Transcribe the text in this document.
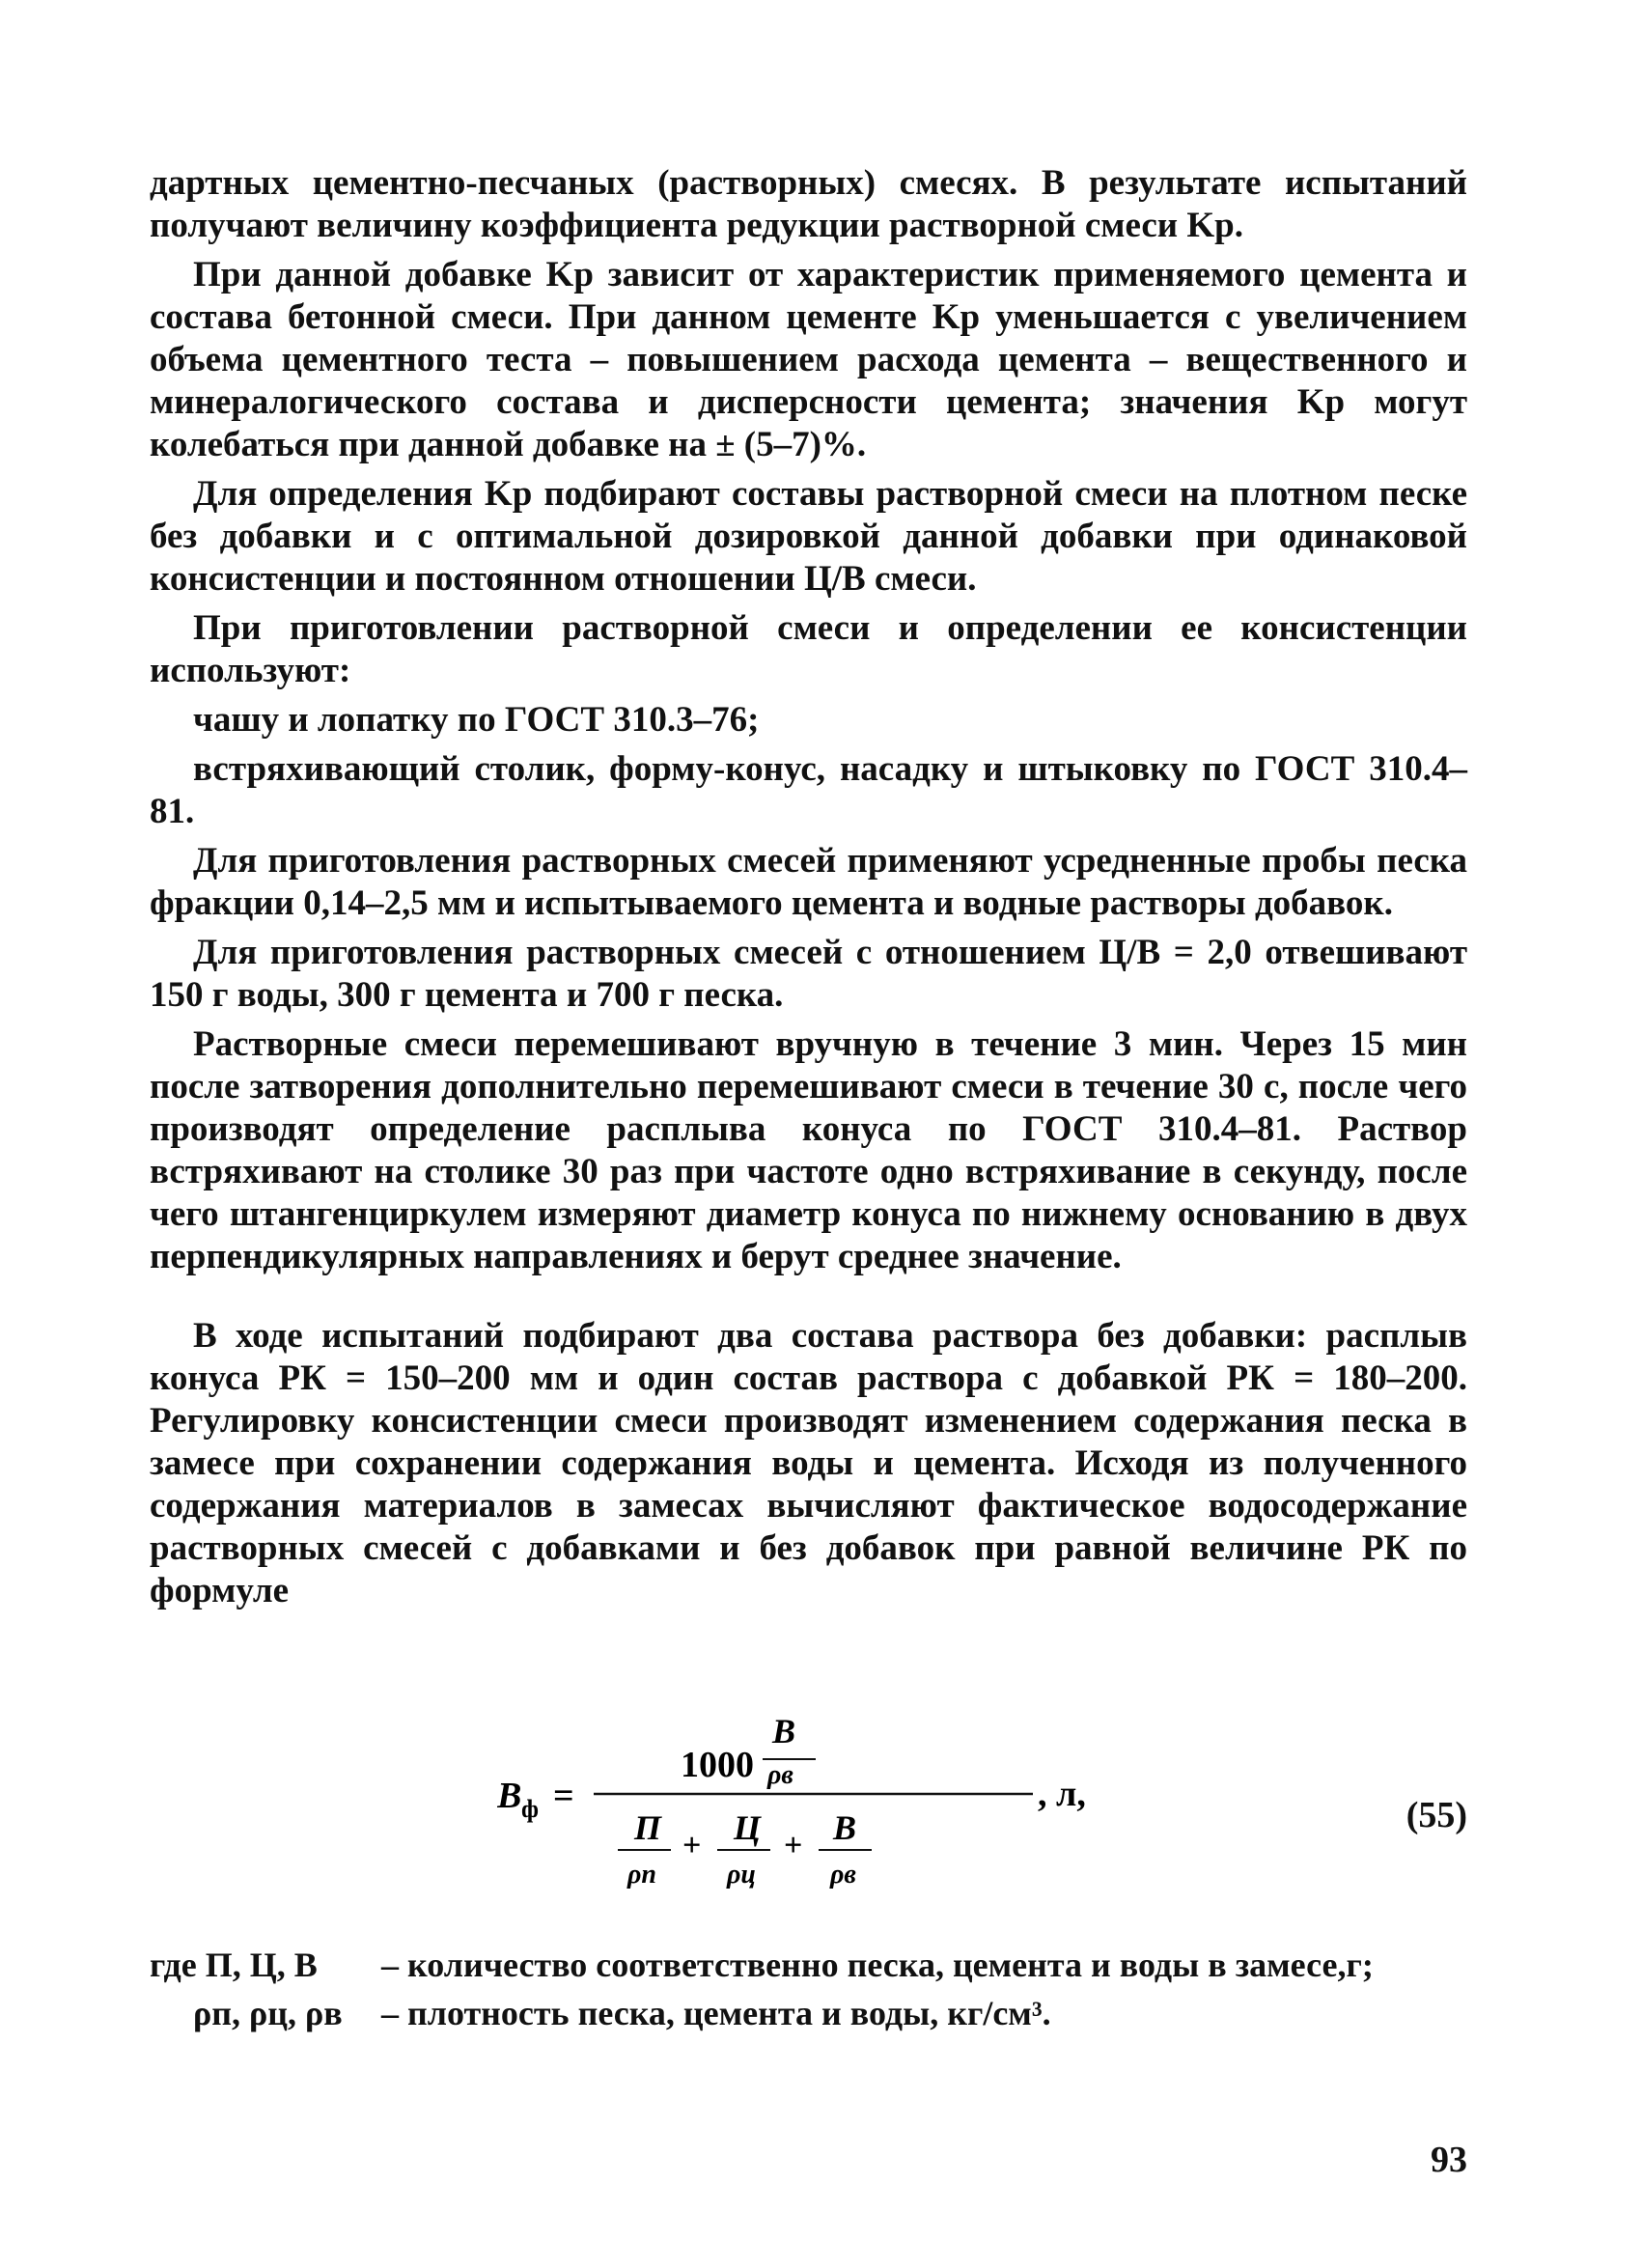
дартных цементно-песчаных (растворных) смесях. В результате испытаний получают величину коэффициента редукции растворной смеси Kр.

При данной добавке Kр зависит от характеристик применяемого цемента и состава бетонной смеси. При данном цементе Kр уменьшается с увеличением объема цементного теста – повышением расхода цемента – вещественного и минералогического состава и дисперсности цемента; значения Kр могут колебаться при данной добавке на ± (5–7)%.

Для определения Kр подбирают составы растворной смеси на плотном песке без добавки и с оптимальной дозировкой данной добавки при одинаковой консистенции и постоянном отношении Ц/В смеси.

При приготовлении растворной смеси и определении ее консистенции используют:

чашу и лопатку по ГОСТ 310.3–76;

встряхивающий столик, форму-конус, насадку и штыковку по ГОСТ 310.4–81.

Для приготовления растворных смесей применяют усредненные пробы песка фракции 0,14–2,5 мм и испытываемого цемента и водные растворы добавок.

Для приготовления растворных смесей с отношением Ц/В = 2,0 отвешивают 150 г воды, 300 г цемента и 700 г песка.

Растворные смеси перемешивают вручную в течение 3 мин. Через 15 мин после затворения дополнительно перемешивают смеси в течение 30 с, после чего производят определение расплыва конуса по ГОСТ 310.4–81. Раствор встряхивают на столике 30 раз при частоте одно встряхивание в секунду, после чего штангенциркулем измеряют диаметр конуса по нижнему основанию в двух перпендикулярных направлениях и берут среднее значение.

В ходе испытаний подбирают два состава раствора без добавки: расплыв конуса РК = 150–200 мм и один состав раствора с добавкой РК = 180–200. Регулировку консистенции смеси производят изменением содержания песка в замесе при сохранении содержания воды и цемента. Исходя из полученного содержания материалов в замесах вычисляют фактическое водосодержание растворных смесей с добавками и без добавок при равной величине РК по формуле

B ф =
1000
B
ρв
П
ρп
+ Ц
ρц
+ B
ρв
, л,
(55)
где П, Ц, В	– количество соответственно песка, цемента и воды в замесе,г;
ρп, ρц, ρв	– плотность песка, цемента и воды, кг/см³.
93
